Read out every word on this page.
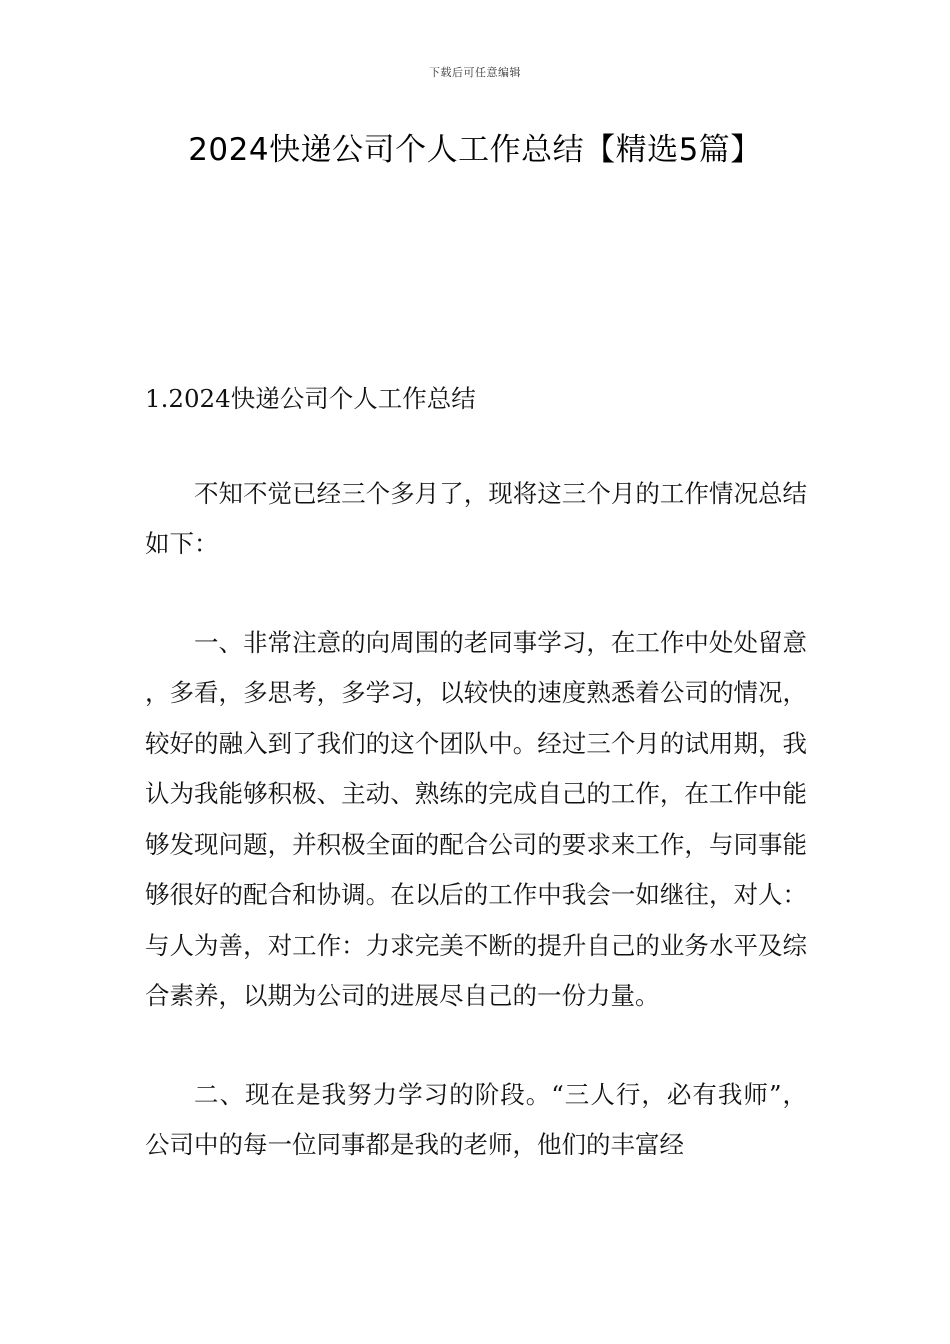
下载后可任意编辑
2024快递公司个人工作总结【精选5篇】
1.2024快递公司个人工作总结

不知不觉已经三个多月了，现将这三个月的工作情况总结如下：

一、非常注意的向周围的老同事学习，在工作中处处留意，多看，多思考，多学习，以较快的速度熟悉着公司的情况，较好的融入到了我们的这个团队中。经过三个月的试用期，我认为我能够积极、主动、熟练的完成自己的工作，在工作中能够发现问题，并积极全面的配合公司的要求来工作，与同事能够很好的配合和协调。在以后的工作中我会一如继往，对人：与人为善，对工作：力求完美不断的提升自己的业务水平及综合素养，以期为公司的进展尽自己的一份力量。

二、现在是我努力学习的阶段。“三人行，必有我师”，公司中的每一位同事都是我的老师，他们的丰富经
